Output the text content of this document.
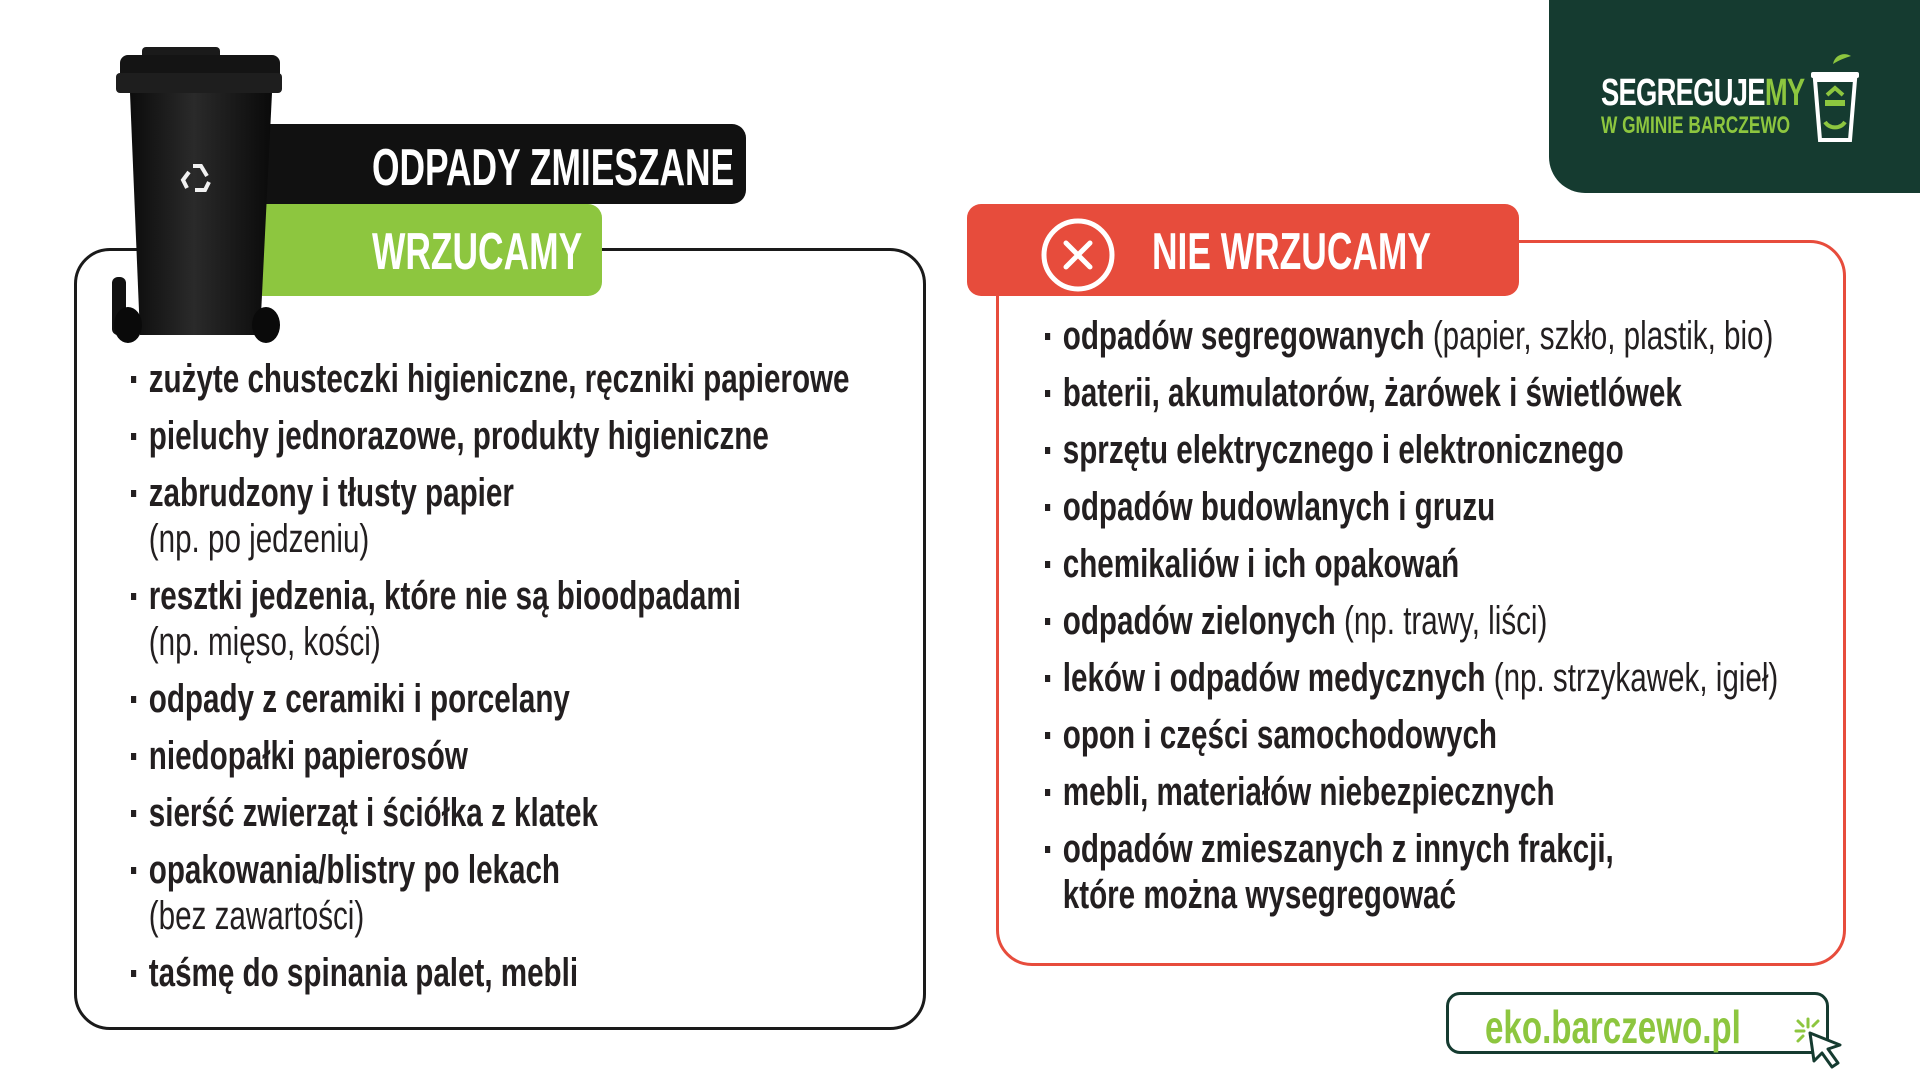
SEGREGUJEMY
W GMINIE BARCZEWO
zużyte chusteczki higieniczne, ręczniki papierowe
pieluchy jednorazowe, produkty higieniczne
zabrudzony i tłusty papier
(np. po jedzeniu)
resztki jedzenia, które nie są bioodpadami
(np. mięso, kości)
odpady z ceramiki i porcelany
niedopałki papierosów
sierść zwierząt i ściółka z klatek
opakowania/blistry po lekach
(bez zawartości)
taśmę do spinania palet, mebli
ODPADY ZMIESZANE
WRZUCAMY
odpadów segregowanych (papier, szkło, plastik, bio)
baterii, akumulatorów, żarówek i świetlówek
sprzętu elektrycznego i elektronicznego
odpadów budowlanych i gruzu
chemikaliów i ich opakowań
odpadów zielonych (np. trawy, liści)
leków i odpadów medycznych (np. strzykawek, igieł)
opon i części samochodowych
mebli, materiałów niebezpiecznych
odpadów zmieszanych z innych frakcji,
które można wysegregować
NIE WRZUCAMY
eko.barczewo.pl
